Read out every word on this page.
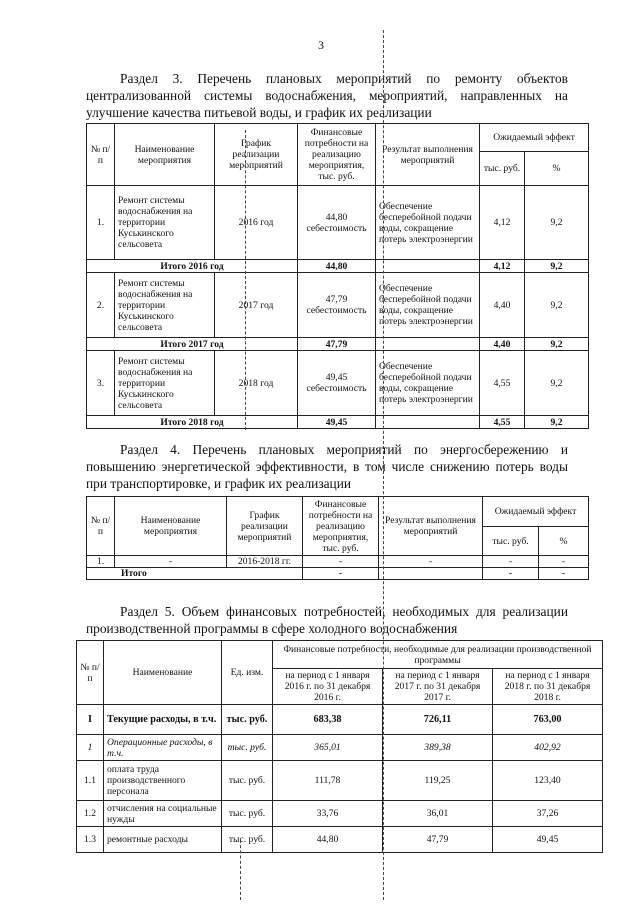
3
Раздел 3. Перечень плановых мероприятий по ремонту объектов централизованной системы водоснабжения, мероприятий, направленных на улучшение качества питьевой воды, и график их реализации
№ п/п	Наименование мероприятия	График реализации мероприятий	Финансовые потребности на реализацию мероприятия, тыс. руб.	Результат выполнения мероприятий	Ожидаемый эффект	
					тыс. руб.	%
1.	Ремонт системы водоснабжения на территории Куськинского сельсовета	2016 год	44,80 себестоимость	Обеспечение бесперебойной подачи воды, сокращение потерь электроэнергии	4,12	9,2
Итого 2016 год			44,80		4,12	9,2
2.	Ремонт системы водоснабжения на территории Куськинского сельсовета	2017 год	47,79 себестоимость	Обеспечение бесперебойной подачи воды, сокращение потерь электроэнергии	4,40	9,2
Итого 2017 год			47,79		4,40	9,2
3.	Ремонт системы водоснабжения на территории Куськинского сельсовета	2018 год	49,45 себестоимость	Обеспечение бесперебойной подачи воды, сокращение потерь электроэнергии	4,55	9,2
Итого 2018 год			49,45		4,55	9,2
Раздел 4. Перечень плановых мероприятий по энергосбережению и повышению энергетической эффективности, в том числе снижению потерь воды при транспортировке, и график их реализации
№ п/п	Наименование мероприятия	График реализации мероприятий	Финансовые потребности на реализацию мероприятия, тыс. руб.	Результат выполнения мероприятий	Ожидаемый эффект	
					тыс. руб.	%
1.	-	2016-2018 гг.	-	-	-	-
Итого			-		-	-
Раздел 5. Объем финансовых потребностей, необходимых для реализации производственной программы в сфере холодного водоснабжения
№ п/п	Наименование	Ед. изм.	Финансовые потребности, необходимые для реализации производственной программы		
			на период с 1 января 2016 г. по 31 декабря 2016 г.	на период с 1 января 2017 г. по 31 декабря 2017 г.	на период с 1 января 2018 г. по 31 декабря 2018 г.
I	Текущие расходы, в т.ч.	тыс. руб.	683,38	726,11	763,00
1	Операционные расходы, в т.ч.	тыс. руб.	365,01	389,38	402,92
1.1	оплата труда производственного персонала	тыс. руб.	111,78	119,25	123,40
1.2	отчисления на социальные нужды	тыс. руб.	33,76	36,01	37,26
1.3	ремонтные расходы	тыс. руб.	44,80	47,79	49,45
